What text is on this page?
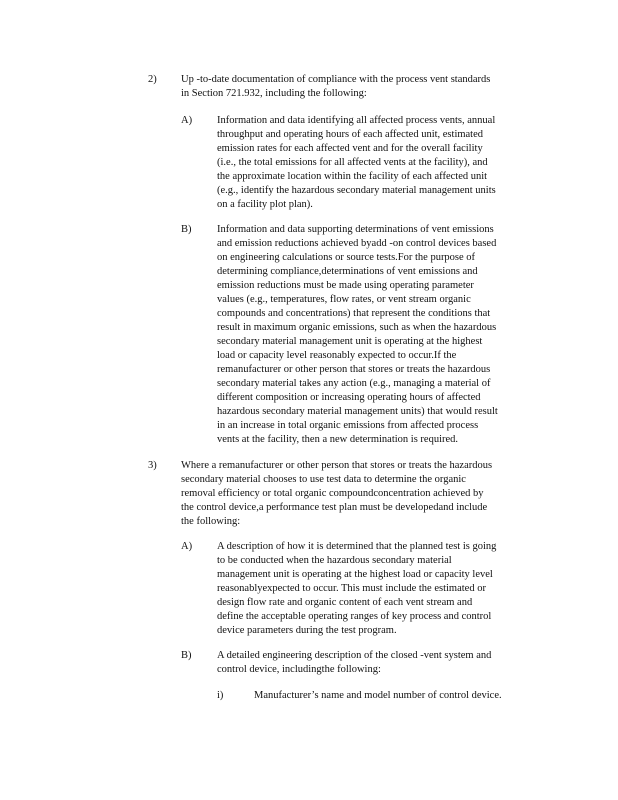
2) Up -to-date documentation of compliance with the process vent standards
in Section 721.932, including the following:
A) Information and data identifying all affected process vents, annual
throughput and operating hours of each affected unit, estimated
emission rates for each affected vent and for the overall facility
(i.e., the total emissions for all affected vents at the facility), and
the approximate location within the facility of each affected unit
(e.g., identify the hazardous secondary material management units
on a facility plot plan).
B) Information and data supporting determinations of vent emissions
and emission reductions achieved byadd -on control devices based
on engineering calculations or source tests.For the purpose of
determining compliance,determinations of vent emissions and
emission reductions must be made using operating parameter
values (e.g., temperatures, flow rates, or vent stream organic
compounds and concentrations) that represent the conditions that
result in maximum organic emissions, such as when the hazardous
secondary material management unit is operating at the highest
load or capacity level reasonably expected to occur.If the
remanufacturer or other person that stores or treats the hazardous
secondary material takes any action (e.g., managing a material of
different composition or increasing operating hours of affected
hazardous secondary material management units) that would result
in an increase in total organic emissions from affected process
vents at the facility, then a new determination is required.
3) Where a remanufacturer or other person that stores or treats the hazardous
secondary material chooses to use test data to determine the organic
removal efficiency or total organic compoundconcentration achieved by
the control device,a performance test plan must be developedand include
the following:
A) A description of how it is determined that the planned test is going
to be conducted when the hazardous secondary material
management unit is operating at the highest load or capacity level
reasonablyexpected to occur. This must include the estimated or
design flow rate and organic content of each vent stream and
define the acceptable operating ranges of key process and control
device parameters during the test program.
B) A detailed engineering description of the closed -vent system and
control device, includingthe following:
i)	Manufacturer’s name and model number of control device.
